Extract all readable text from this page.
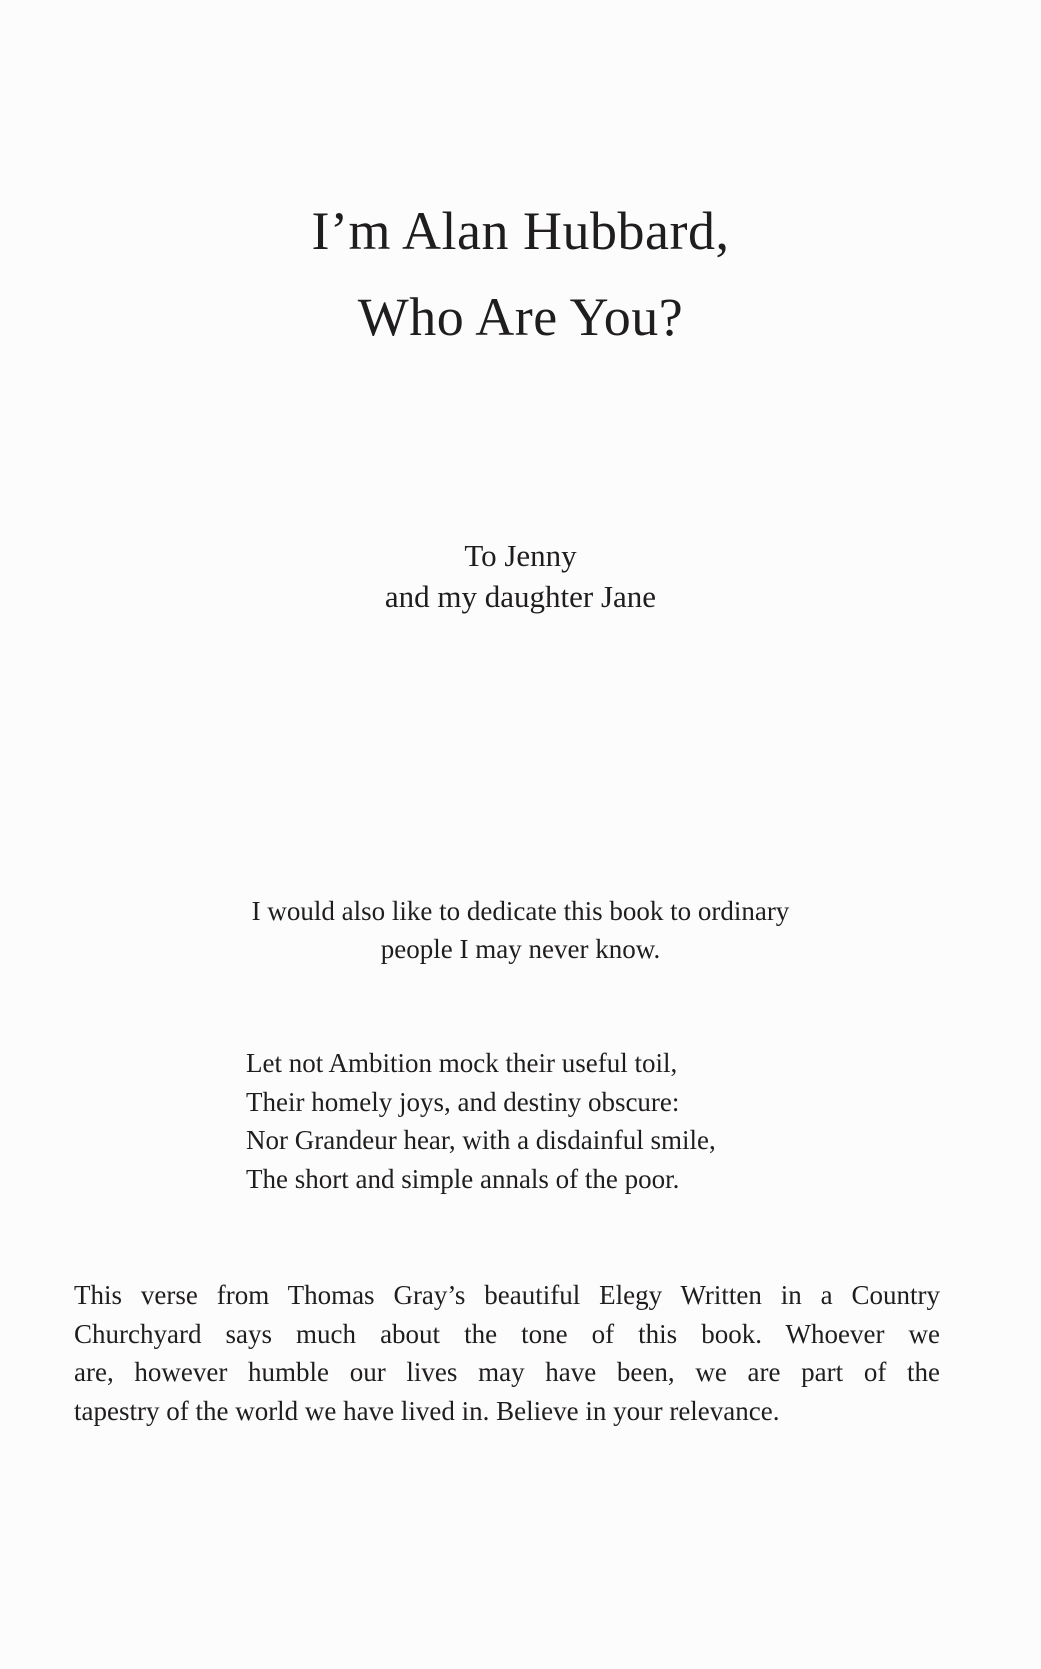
I’m Alan Hubbard,
Who Are You?
To Jenny
and my daughter Jane
I would also like to dedicate this book to ordinary
people I may never know.
Let not Ambition mock their useful toil,
Their homely joys, and destiny obscure:
Nor Grandeur hear, with a disdainful smile,
The short and simple annals of the poor.
This verse from Thomas Gray’s beautiful Elegy Written in a Country
Churchyard says much about the tone of this book. Whoever we
are, however humble our lives may have been, we are part of the
tapestry of the world we have lived in. Believe in your relevance.
